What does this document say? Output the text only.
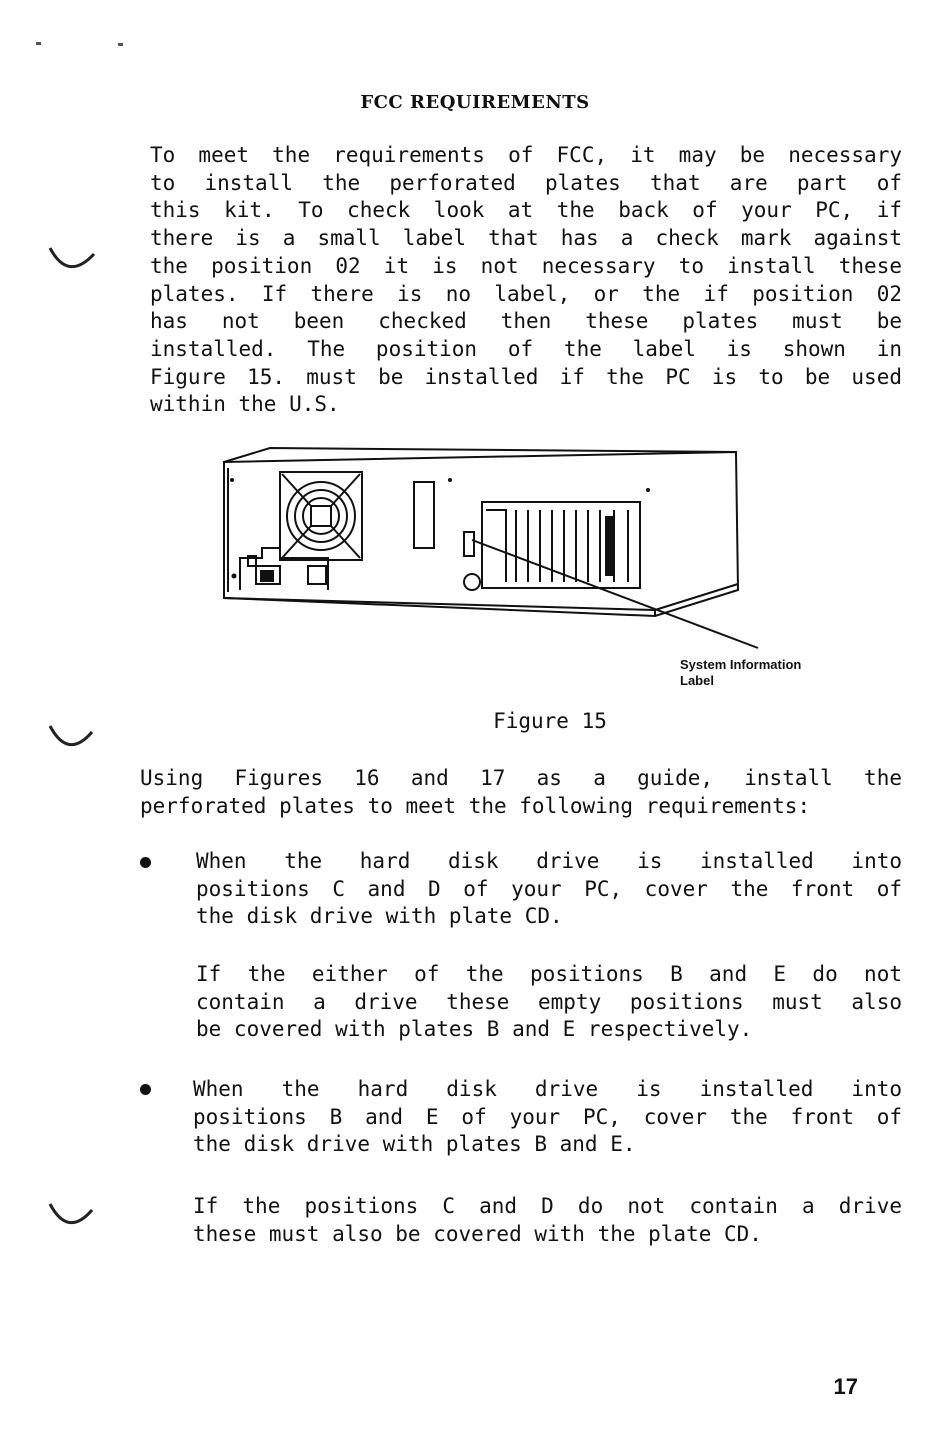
FCC REQUIREMENTS
To meet the requirements of FCC, it may be necessary
to install the perforated plates that are part of
this kit. To check look at the back of your PC, if
there is a small label that has a check mark against
the position 02 it is not necessary to install these
plates. If there is no label, or the if position 02
has not been checked then these plates must be
installed. The position of the label is shown in
Figure 15. must be installed if the PC is to be used
within the U.S.
System Information
Label
Figure 15
Using Figures 16 and 17 as a guide, install the
perforated plates to meet the following requirements:
When the hard disk drive is installed into
positions C and D of your PC, cover the front of
the disk drive with plate CD.
If the either of the positions B and E do not
contain a drive these empty positions must also
be covered with plates B and E respectively.
When the hard disk drive is installed into
positions B and E of your PC, cover the front of
the disk drive with plates B and E.
If the positions C and D do not contain a drive
these must also be covered with the plate CD.
17
